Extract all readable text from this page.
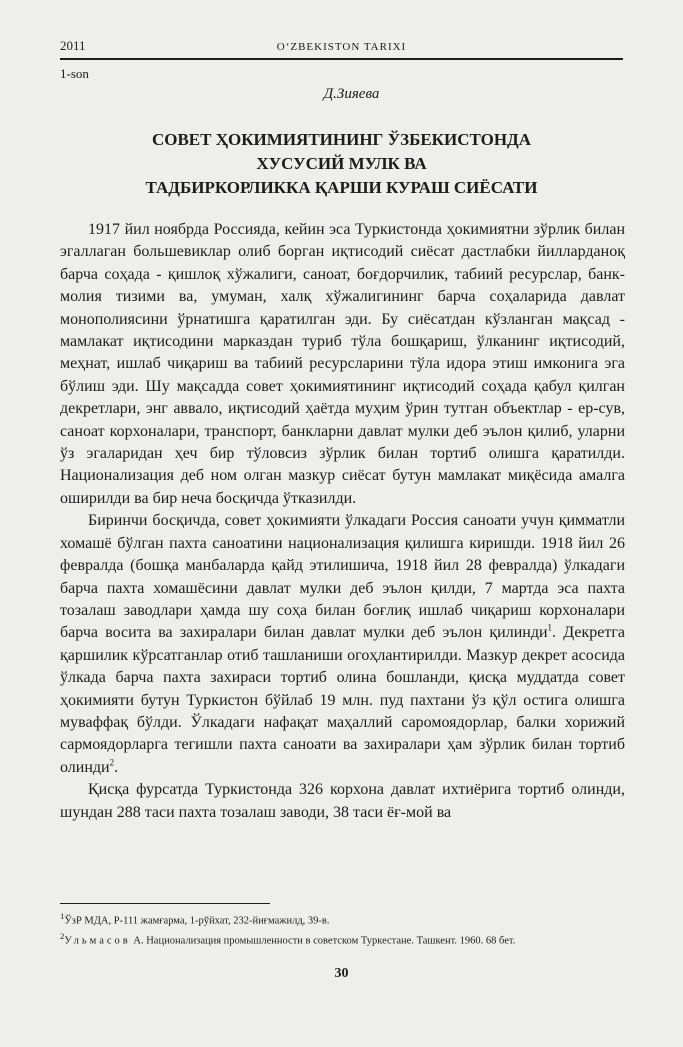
2011	O‘ZBEKISTON TARIXI
1-son
Д.Зияева
СОВЕТ ҲОКИМИЯТИНИНГ ЎЗБЕКИСТОНДА
ХУСУСИЙ МУЛК ВА
ТАДБИРКОРЛИККА ҚАРШИ КУРАШ СИЁСАТИ

1917 йил ноябрда Россияда, кейин эса Туркистонда ҳокимиятни зўрлик билан эгаллаган большевиклар олиб борган иқтисодий сиёсат дастлабки йилларданоқ барча соҳада - қишлоқ хўжалиги, саноат, боғдорчилик, табиий ресурслар, банк-молия тизими ва, умуман, халқ хўжалигининг барча соҳаларида давлат монополиясини ўрнатишга қаратилган эди. Бу сиёсатдан кўзланган мақсад - мамлакат иқтисодини марказдан туриб тўла бошқариш, ўлканинг иқтисодий, меҳнат, ишлаб чиқариш ва табиий ресурсларини тўла идора этиш имконига эга бўлиш эди. Шу мақсадда совет ҳокимиятининг иқтисодий соҳада қабул қилган декретлари, энг аввало, иқтисодий ҳаётда муҳим ўрин тутган объектлар - ер-сув, саноат корхоналари, транспорт, банкларни давлат мулки деб эълон қилиб, уларни ўз эгаларидан ҳеч бир тўловсиз зўрлик билан тортиб олишга қаратилди. Национализация деб ном олган мазкур сиёсат бутун мамлакат миқёсида амалга оширилди ва бир неча босқичда ўтказилди.

Биринчи босқичда, совет ҳокимияти ўлкадаги Россия саноати учун қимматли хомашё бўлган пахта саноатини национализация қилишга киришди. 1918 йил 26 февралда (бошқа манбаларда қайд этилишича, 1918 йил 28 февралда) ўлкадаги барча пахта хомашёсини давлат мулки деб эълон қилди, 7 мартда эса пахта тозалаш заводлари ҳамда шу соҳа билан боғлиқ ишлаб чиқариш корхоналари барча восита ва захиралари билан давлат мулки деб эълон қилинди$^1$. Декретга қаршилик кўрсатганлар отиб ташланиши огоҳлантирилди. Мазкур декрет асосида ўлкада барча пахта захираси тортиб олина бошланди, қисқа муддатда совет ҳокимияти бутун Туркистон бўйлаб 19 млн. пуд пахтани ўз қўл остига олишга муваффақ бўлди. Ўлкадаги нафақат маҳаллий саромоядорлар, балки хорижий сармоядорларга тегишли пахта саноати ва захиралари ҳам зўрлик билан тортиб олинди$^2$.

Қисқа фурсатда Туркистонда 326 корхона давлат ихтиёрига тортиб олинди, шундан 288 таси пахта тозалаш заводи, 38 таси ёғ-мой ва

$^1$ЎзР МДА, Р-111 жамғарма, 1-рўйхат, 232-йиғмажилд, 39-в.

$^2$Ульмасов А. Национализация промышленности в советском Туркестане. Ташкент. 1960. 68 бет.

30
